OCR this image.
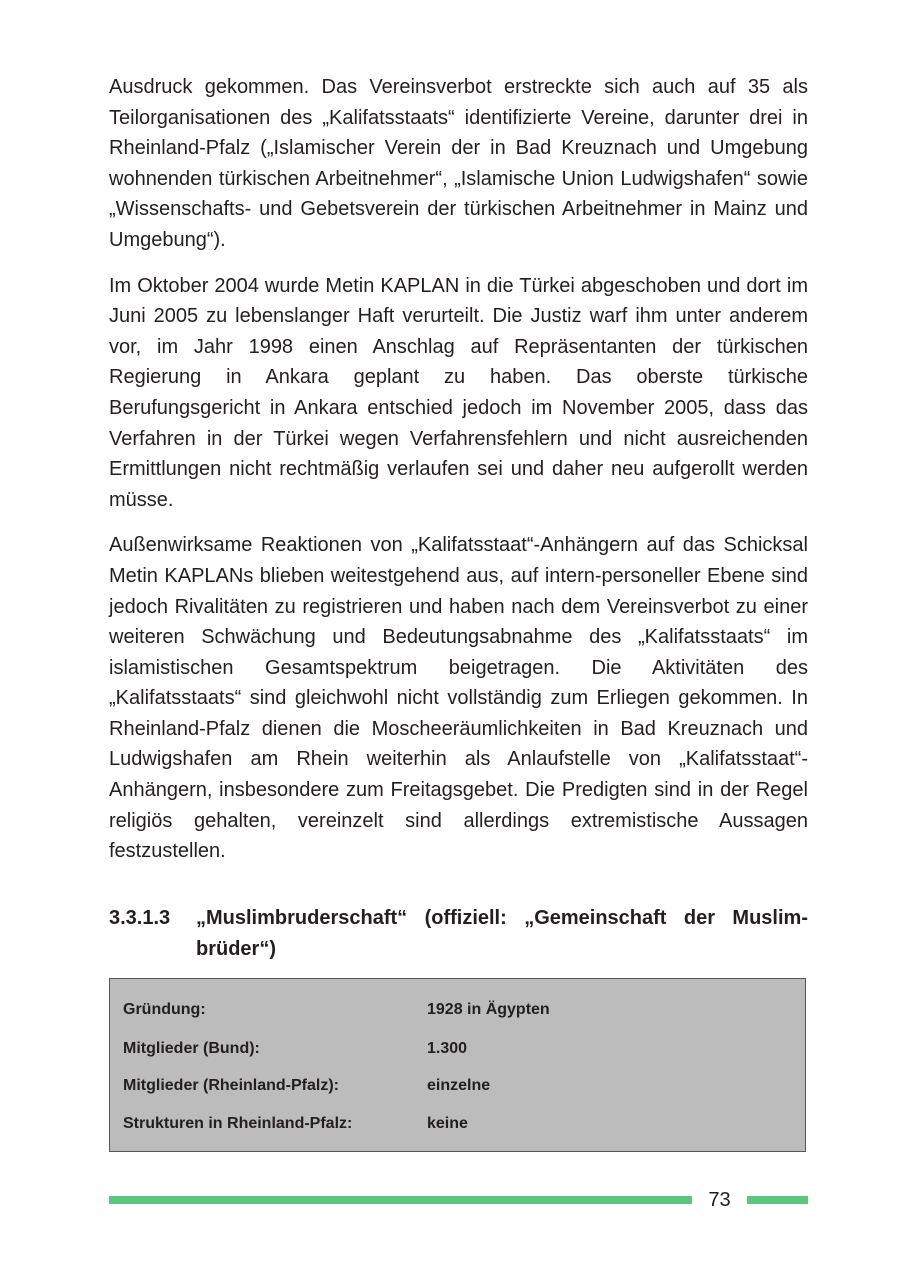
Ausdruck gekommen. Das Vereinsverbot erstreckte sich auch auf 35 als Teilorganisationen des „Kalifatsstaats“ identifizierte Vereine, darunter drei in Rheinland-Pfalz („Islamischer Verein der in Bad Kreuznach und Umgebung wohnenden türkischen Arbeitnehmer“, „Islamische Union Ludwigshafen“ sowie „Wissenschafts- und Gebetsverein der türkischen Arbeitnehmer in Mainz und Umgebung“).

Im Oktober 2004 wurde Metin KAPLAN in die Türkei abgeschoben und dort im Juni 2005 zu lebenslanger Haft verurteilt. Die Justiz warf ihm unter anderem vor, im Jahr 1998 einen Anschlag auf Repräsentanten der türkischen Regierung in Ankara geplant zu haben. Das oberste türkische Berufungsgericht in Ankara entschied jedoch im November 2005, dass das Verfahren in der Türkei wegen Verfahrensfehlern und nicht ausreichenden Ermittlungen nicht rechtmäßig verlaufen sei und daher neu aufgerollt werden müsse.

Außenwirksame Reaktionen von „Kalifatsstaat“-Anhängern auf das Schicksal Metin KAPLANs blieben weitestgehend aus, auf intern-personeller Ebene sind jedoch Rivalitäten zu registrieren und haben nach dem Vereinsverbot zu einer weiteren Schwächung und Bedeutungsabnahme des „Kalifatsstaats“ im islamistischen Gesamtspektrum beigetragen. Die Aktivitäten des „Kalifatsstaats“ sind gleichwohl nicht vollständig zum Erliegen gekommen. In Rheinland-Pfalz dienen die Moscheeräumlichkeiten in Bad Kreuznach und Ludwigshafen am Rhein weiterhin als Anlaufstelle von „Kalifatsstaat“-Anhängern, insbesondere zum Freitagsgebet. Die Predigten sind in der Regel religiös gehalten, vereinzelt sind allerdings extremistische Aussagen festzustellen.

3.3.1.3	„Muslimbruderschaft“ (offiziell: „Gemeinschaft der Muslimbrüder“)
Gründung:	1928 in Ägypten
Mitglieder (Bund):	1.300
Mitglieder (Rheinland-Pfalz):	einzelne
Strukturen in Rheinland-Pfalz:	keine
73
